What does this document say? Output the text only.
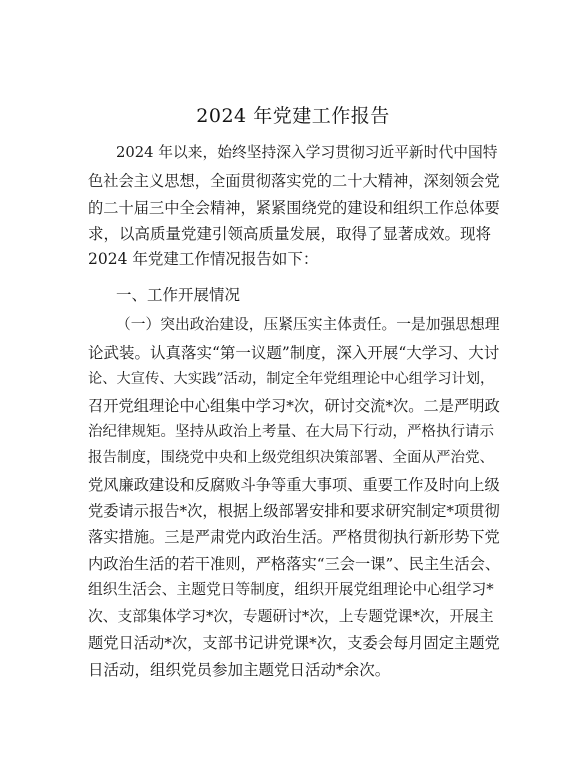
2024 年党建工作报告
2024 年以来，始终坚持深入学习贯彻习近平新时代中国特
色社会主义思想，全面贯彻落实党的二十大精神，深刻领会党
的二十届三中全会精神，紧紧围绕党的建设和组织工作总体要
求，以高质量党建引领高质量发展，取得了显著成效。现将
2024 年党建工作情况报告如下：
一、工作开展情况
（一）突出政治建设，压紧压实主体责任。一是加强思想理
论武装。认真落实“第一议题”制度，深入开展“大学习、大讨
论、大宣传、大实践”活动，制定全年党组理论中心组学习计划，
召开党组理论中心组集中学习*次，研讨交流*次。二是严明政
治纪律规矩。坚持从政治上考量、在大局下行动，严格执行请示
报告制度，围绕党中央和上级党组织决策部署、全面从严治党、
党风廉政建设和反腐败斗争等重大事项、重要工作及时向上级
党委请示报告*次，根据上级部署安排和要求研究制定*项贯彻
落实措施。三是严肃党内政治生活。严格贯彻执行新形势下党
内政治生活的若干准则，严格落实“三会一课”、民主生活会、
组织生活会、主题党日等制度，组织开展党组理论中心组学习*
次、支部集体学习*次，专题研讨*次，上专题党课*次，开展主
题党日活动*次，支部书记讲党课*次，支委会每月固定主题党
日活动，组织党员参加主题党日活动*余次。
